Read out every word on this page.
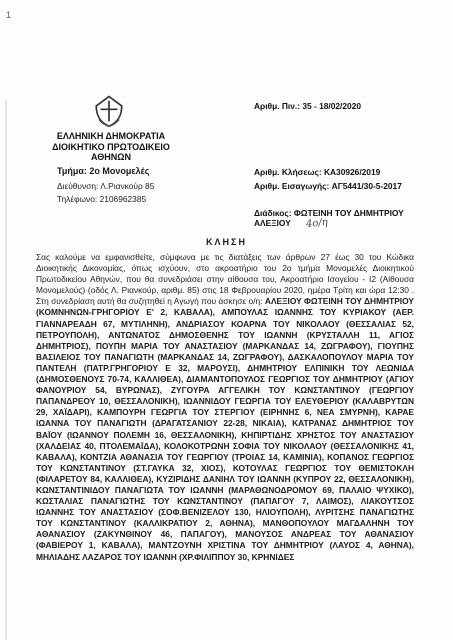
1
ΕΛΛΗΝΙΚΗ ΔΗΜΟΚΡΑΤΙΑ
ΔΙΟΙΚΗΤΙΚΟ ΠΡΩΤΟΔΙΚΕΙΟ
ΑΘΗΝΩΝ
Τμήμα: 2ο Μονομελές
Διεύθυνση: Λ.Ριανκούρ 85
Τηλέφωνο: 2106962385
Αριθμ. Πιν.: 35 - 18/02/2020
Αριθμ. Κλήσεως: ΚΑ30926/2019
Αριθμ. Εισαγωγής: ΑΓ5441/30-5-2017
Διάδικος: ΦΩΤΕΙΝΗ ΤΟΥ ΔΗΜΗΤΡΙΟΥ
ΑΛΕΞΙΟΥ	4ο/η
ΚΛΗΣΗ
Σας καλούμε να εμφανισθείτε, σύμφωνα με τις διατάξεις των άρθρων 27 έως 30 του Κώδικα Διοικητικής Δικονομίας, όπως ισχύουν, στο ακροατήριο του 2ο τμήμα Μονομελές Διοικητικού Πρωτοδικείου Αθηνών, που θα συνεδριάσει στην αίθουσα του, Ακροατήριο Ισογείου - Ι2 (Αίθουσα Μονομελούς) (οδός Λ. Ριανκούρ, αριθμ. 85) στις 18 Φεβρουαρίου 2020, ημέρα Τρίτη και ώρα 12:30 . Στη συνεδρίαση αυτή θα συζητηθεί η Αγωγή που άσκησε ο/η: ΑΛΕΞΙΟΥ ΦΩΤΕΙΝΗ ΤΟΥ ΔΗΜΗΤΡΙΟΥ (ΚΟΜΝΗΝΩΝ-ΓΡΗΓΟΡΙΟΥ Ε' 2, ΚΑΒΑΛΑ), ΑΜΠΟΥΛΑΣ ΙΩΑΝΝΗΣ ΤΟΥ ΚΥΡΙΑΚΟΥ (ΑΕΡ. ΓΙΑΝΝΑΡΕΑΔΗ 67, ΜΥΤΙΛΗΝΗ), ΑΝΔΡΙΑΣΟΥ ΚΟΑΡΝΑ ΤΟΥ ΝΙΚΟΛΑΟΥ (ΘΕΣΣΑΛΙΑΣ 52, ΠΕΤΡΟΥΠΟΛΗ), ΑΝΤΩΝΑΤΟΣ ΔΗΜΟΣΘΕΝΗΣ ΤΟΥ ΙΩΑΝΝΗ (ΚΡΥΣΤΑΛΛΗ 11, ΑΓΙΟΣ ΔΗΜΗΤΡΙΟΣ), ΠΟΥΠΗ ΜΑΡΙΑ ΤΟΥ ΑΝΑΣΤΑΣΙΟΥ (ΜΑΡΚΑΝΔΑΣ 14, ΖΩΓΡΑΦΟΥ), ΓΙΟΥΠΗΣ ΒΑΣΙΛΕΙΟΣ ΤΟΥ ΠΑΝΑΓΙΩΤΗ (ΜΑΡΚΑΝΔΑΣ 14, ΖΩΓΡΑΦΟΥ), ΔΑΣΚΑΛΟΠΟΥΛΟΥ ΜΑΡΙΑ ΤΟΥ ΠΑΝΤΕΛΗ (ΠΑΤΡ.ΓΡΗΓΟΡΙΟΥ Ε 32, ΜΑΡΟΥΣΙ), ΔΗΜΗΤΡΙΟΥ ΕΛΠΙΝΙΚΗ ΤΟΥ ΛΕΩΝΙΔΑ (ΔΗΜΟΣΘΕΝΟΥΣ 70-74, ΚΑΛΛΙΘΕΑ), ΔΙΑΜΑΝΤΟΠΟΥΛΟΣ ΓΕΩΡΓΙΟΣ ΤΟΥ ΔΗΜΗΤΡΙΟΥ (ΑΓΙΟΥ ΦΑΝΟΥΡΙΟΥ 54, ΒΥΡΩΝΑΣ), ΖΥΓΟΥΡΑ ΑΓΓΕΛΙΚΗ ΤΟΥ ΚΩΝΣΤΑΝΤΙΝΟΥ (ΓΕΩΡΓΙΟΥ ΠΑΠΑΝΔΡΕΟΥ 10, ΘΕΣΣΑΛΟΝΙΚΗ), ΙΩΑΝΝΙΔΟΥ ΓΕΩΡΓΙΑ ΤΟΥ ΕΛΕΥΘΕΡΙΟΥ (ΚΑΛΑΒΡΥΤΩΝ 29, ΧΑΪΔΑΡΙ), ΚΑΜΠΟΥΡΗ ΓΕΩΡΓΙΑ ΤΟΥ ΣΤΕΡΓΙΟΥ (ΕΙΡΗΝΗΣ 6, ΝΕΑ ΣΜΥΡΝΗ), ΚΑΡΑΕ ΙΩΑΝΝΑ ΤΟΥ ΠΑΝΑΓΙΩΤΗ (ΔΡΑΓΑΤΣΑΝΙΟΥ 22-28, ΝΙΚΑΙΑ), ΚΑΤΡΑΝΑΣ ΔΗΜΗΤΡΙΟΣ ΤΟΥ ΒΑΪΟΥ (ΙΩΑΝΝΟΥ ΠΟΛΕΜΗ 16, ΘΕΣΣΑΛΟΝΙΚΗ), ΚΗΠΙΡΤΙΔΗΣ ΧΡΗΣΤΟΣ ΤΟΥ ΑΝΑΣΤΑΣΙΟΥ (ΧΑΛΔΕΙΑΣ 40, ΠΤΟΛΕΜΑΪΔΑ), ΚΟΛΟΚΟΤΡΩΝΗ ΣΟΦΙΑ ΤΟΥ ΝΙΚΟΛΑΟΥ (ΘΕΣΣΑΛΟΝΙΚΗΣ 41, ΚΑΒΑΛΑ), ΚΟΝΤΖΙΑ ΑΘΑΝΑΣΙΑ ΤΟΥ ΓΕΩΡΓΙΟΥ (ΤΡΟΙΑΣ 14, ΚΑΜΙΝΙΑ), ΚΟΠΑΝΟΣ ΓΕΩΡΓΙΟΣ ΤΟΥ ΚΩΝΣΤΑΝΤΙΝΟΥ (ΣΤ.ΓΑΥΚΑ 32, ΧΙΟΣ), ΚΟΤΟΥΛΑΣ ΓΕΩΡΓΙΟΣ ΤΟΥ ΘΕΜΙΣΤΟΚΛΗ (ΦΙΛΑΡΕΤΟΥ 84, ΚΑΛΛΙΘΕΑ), ΚΥΖΙΡΙΔΗΣ ΔΑΝΙΗΛ ΤΟΥ ΙΩΑΝΝΗ (ΚΥΠΡΟΥ 22, ΘΕΣΣΑΛΟΝΙΚΗ), ΚΩΝΣΤΑΝΤΙΝΙΔΟΥ ΠΑΝΑΓΙΩΤΑ ΤΟΥ ΙΩΑΝΝΗ (ΜΑΡΑΘΩΝΟΔΡΟΜΟΥ 69, ΠΑΛΑΙΟ ΨΥΧΙΚΟ), ΚΩΣΤΑΛΙΑΣ ΠΑΝΑΓΙΩΤΗΣ ΤΟΥ ΚΩΝΣΤΑΝΤΙΝΟΥ (ΠΑΠΑΓΟΥ 7, ΛΑΙΜΟΣ), ΛΙΑΚΟΥΤΣΟΣ ΙΩΑΝΝΗΣ ΤΟΥ ΑΝΑΣΤΑΣΙΟΥ (ΣΟΦ.ΒΕΝΙΖΕΛΟΥ 130, ΗΛΙΟΥΠΟΛΗ), ΛΥΡΙΤΣΗΣ ΠΑΝΑΓΙΩΤΗΣ ΤΟΥ ΚΩΝΣΤΑΝΤΙΝΟΥ (ΚΑΛΛΙΚΡΑΤΙΟΥ 2, ΑΘΗΝΑ), ΜΑΝΘΟΠΟΥΛΟΥ ΜΑΓΔΑΛΗΝΗ ΤΟΥ ΑΘΑΝΑΣΙΟΥ (ΖΑΚΥΝΘΙΝΟΥ 46, ΠΑΠΑΓΟΥ), ΜΑΝΟΥΣΟΣ ΑΝΔΡΕΑΣ ΤΟΥ ΑΘΑΝΑΣΙΟΥ (ΦΑΒΙΕΡΟΥ 1, ΚΑΒΑΛΑ), ΜΑΝΤΖΟΥΝΗ ΧΡΙΣΤΙΝΑ ΤΟΥ ΔΗΜΗΤΡΙΟΥ (ΛΑΥΟΣ 4, ΑΘΗΝΑ), ΜΗΛΙΑΔΗΣ ΛΑΖΑΡΟΣ ΤΟΥ ΙΩΑΝΝΗ (ΧΡ.ΦΙΛΙΠΠΟΥ 30, ΚΡΗΝΙΔΕΣ
